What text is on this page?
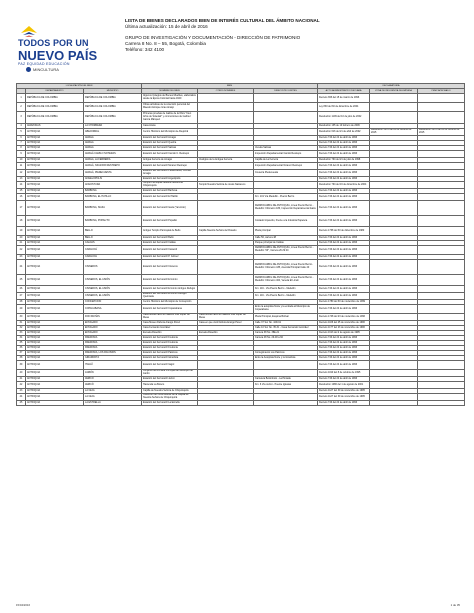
TODOS POR UN
NUEVO PAÍS
PAZ EQUIDAD EDUCACIÓN
MINCULTURA
LISTA DE BIENES DECLARADOS BIEN DE INTERÉS CULTURAL DEL ÁMBITO NACIONAL
Última actualización: 15 de abril de 2016
GRUPO DE INVESTIGACIÓN Y DOCUMENTACIÓN - DIRECCIÓN DE PATRIMONIO
Carrera 8 No. 8 – 55, Bogotá, Colombia
Teléfono: 342 4100
LOCALIZACIÓN DEL BIEN			BIEN			DECLARATORIA		
	DEPARTAMENTO	MUNICIPIO	NOMBRE DEL BIEN	OTROS NOMBRES	DIRECCIÓN / LÍMITES	ACTO ADMINISTRATIVO DECLARA	ZONA DE INFLUENCIA DELIMITADA	PEMP APROBADO
1	REPÚBLICA DE COLOMBIA	REPÚBLICA DE COLOMBIA	Algunos Colegios de Bienes Muebles, elaborados desde la Época Colonial hasta 1920			Decreto 395 del 15 de marzo de 1996		
2	REPÚBLICA DE COLOMBIA	REPÚBLICA DE COLOMBIA	Obras artísticas de la colección personal del Maestro Enrique Grau Araújo			Ley 830 del 30 de diciembre de 2004		
3	REPÚBLICA DE COLOMBIA	REPÚBLICA DE COLOMBIA	Primeras pruebas de Gaitrie de la Obra "Cien Años de Soledad" y conmociones de Gabriel García Márquez			Resolución 1109 del 10 de julio de 2002		
4	AMAZONAS	LA CHORRERA	Casa Arana			Resolución 135 de 10 febrero de 2006		
5	ANTIOQUIA	ABEJORRAL	Centro Histórico del Municipio de Abejorral			Resolución 616 del 21 de abril de 2002	Resolución 3078 del 22 de octubre de 2015	Resolución 3078 del 22 de octubre de 2015
6	ANTIOQUIA	AMAGÁ	Estación del Ferrocarril Amagá			Decreto 746 del 24 de abril de 1996		
7	ANTIOQUIA	AMAGÁ	Estación del Ferrocarril Quebra			Decreto 746 del 24 de abril de 1996		
8	ANTIOQUIA	AMAGÁ	Estación del Ferrocarril Salinas		Vereda Salinas	Decreto 746 del 24 de abril de 1996		
9	ANTIOQUIA	AMAGÁ CAMILO NOTERAS	Estación del Ferrocarril Camilo C. Restrepo		Inspección Departamental Camilo Restrepo	Decreto 746 del 24 de abril de 1996		
10	ANTIOQUIA	AMAGÁ, LA FERRERÍA	Antigua Ferrería de Amagá	Vestigios de la Antigua Ferrería	Capilla de La Ferrería	Resolución 794 del 21 de julio de 1998		
11	ANTIOQUIA	AMAGÁ, NICANOR RESTREPO	Estación del Ferrocarril Nicanor Restrepo		Inspección Departamental Nicanor Restrepo	Decreto 746 del 24 de abril de 1996		
12	ANTIOQUIA	AMAGÁ, PIEDECUESTA	Estación del Ferrocarril Piedecuesta, Corrala Amagá		Cresería Piedecuesta	Decreto 746 del 24 de abril de 1996		
13	ANTIOQUIA	ANGELÓPOLIS	Estación del Ferrocarril Angelópolis			Decreto 746 del 24 de abril de 1996		
14	ANTIOQUIA	ANGOSTURA	Templo Parroquial Nuestra Señora de Chiquinquirá	Templo Nuestra Señora de Jesús Nazareno		Resolución 794 del 16 de diciembre de 2004		
15	ANTIOQUIA	BARBOSA	Estación del Ferrocarril Barbosa			Decreto 746 del 24 de abril de 1996		
16	ANTIOQUIA	BARBOSA, EL HATILLO	Estación del Ferrocarril El Hatillo		Km. 101 Vía Medellín - Puerto Berrío	Decreto 746 del 24 de abril de 1996		
17	ANTIOQUIA	BARBOSA, ISAZA	Estación del Ferrocarril Isaza (Yarumito)		FERROCARRIL DE ANTIOQUIA, Línea Puerto Berrío - Medellín: Kilómetro 186, Inspección Departamental Isaza	Decreto 746 del 24 de abril de 1996		
18	ANTIOQUIA	BARBOSA, POPALITO	Estación del Ferrocarril Popalito		Costado Izquierdo, Frente a la Industria Papelera	Decreto 746 del 24 de abril de 1996		
19	ANTIOQUIA	BELLO	Antiguo Templo Parroquial de Bello	Capilla Nuestra Señora del Rosario	Plaza principal	Decreto 1768 del 30 de diciembre de 1980		
20	ANTIOQUIA	BELLO	Estación del Ferrocarril Bello		Calle 56, carrera 48	Decreto 746 del 24 de abril de 1996		
21	ANTIOQUIA	CALDAS	Estación del Ferrocarril Caldas		Parque principal de Caldas	Decreto 746 del 24 de abril de 1996		
22	ANTIOQUIA	CARACOLÍ	Estación del Ferrocarril Caracolí		FERROCARRIL DE ANTIOQUIA, Línea Puerto Berrío - Medellín: 56°, Carrera 26 29 00	Decreto 746 del 24 de abril de 1996		
23	ANTIOQUIA	CARACOLÍ	Estación del Ferrocarril P. Gómez			Decreto 746 del 24 de abril de 1996		
24	ANTIOQUIA	CISNEROS	Estación del Ferrocarril Cisneros		FERROCARRIL DE ANTIOQUIA, Línea Puerto Berrío-Medellín: Kilómetro 435, Avenida Principal Calle 40	Decreto 746 del 24 de abril de 1996		
25	ANTIOQUIA	CISNEROS, EL LIMÓN	Estación del Ferrocarril El Limón		FERROCARRIL DE ANTIOQUIA, Línea Puerto Berrío - Medellín: Kilómetro 464, Vereda El Limón	Decreto 746 del 24 de abril de 1996		
26	ANTIOQUIA	CISNEROS, EL LIMÓN	Estación del Ferrocarril El Limón Antiguo Refugio		Km. 116 - Vía Puerto Berrío - Medellín	Decreto 746 del 24 de abril de 1996		
27	ANTIOQUIA	CISNEROS, EL LIMÓN	Estación del Ferrocarril El Limón Refugio Quebrada		Km. 116 - Vía Puerto Berrío - Medellín	Decreto 746 del 24 de abril de 1996		
28	ANTIOQUIA	CONCEPCIÓN	Centro Histórico del Municipio de Concepción			Decreto 1780 del 30 de noviembre de 1999		
29	ANTIOQUIA	COPACABANA	Estación del Ferrocarril Copacabana		Entre la autopista Norte y la entrada al Municipio de Copacabana	Decreto 746 del 24 de abril de 1996		
30	ANTIOQUIA	DON MATÍAS	Casa donde nació el maestro Luis López de Mesa	Casa donde nació el maestro Luis López de Mesa	Plaza Principal, Esquina Bolívar	Decreto 1748 del 23 de noviembre de 1996		
31	ANTIOQUIA	ENVIGADO	Casa Museo Débora Arango Pérez	Casa en que vivió Débora Arango Pérez	Calle 37 Sur No. 44D-91	Decreto 1166 del 25 de noviembre de 1996		
32	ANTIOQUIA	ENVIGADO	Casa Fernando González		Calle 10 Sur No. 35-31 - Casa Fernando González	Decreto 1177 del 23 de noviembre de 1996		
33	ANTIOQUIA	ENVIGADO	Escuela Rosellón	Escuela Rosellón	Carrera 38 No. 38E-21	Decreto 1613 del 2 de agosto de 1995		
34	ANTIOQUIA	FREDONIA	Estación del Ferrocarril Fredonia		Carrera 48 No. 29-48 a 60	Decreto 746 del 24 de abril de 1996		
35	ANTIOQUIA	FREDONIA	Estación del Ferrocarril Fredonia			Decreto 746 del 24 de abril de 1996		
36	ANTIOQUIA	FREDONIA	Estación del Ferrocarril Fredonia			Decreto 746 del 24 de abril de 1996		
37	ANTIOQUIA	FREDONIA, LOS PALOMOS	Estación del Ferrocarril Palomos		Corregimiento Los Palomos	Decreto 746 del 24 de abril de 1996		
38	ANTIOQUIA	GIRARDOTA	Estación del Ferrocarril Girardota		Entre la Autopista Norte y la Girardota	Decreto 746 del 24 de abril de 1996		
39	ANTIOQUIA	ITAGÜÍ	Estación del Ferrocarril Itagüí			Decreto 746 del 24 de abril de 1996		
40	ANTIOQUIA	JARDÍN	Conjunto de la Plaza Principal del Municipio de Jardín			Decreto 1190 del 8 de octubre de 1995		
41	ANTIOQUIA	JERICÓ	Estación del Ferrocarril Jericó		Carretera Bolombolo - La Pintada	Decreto 746 del 24 de abril de 1996		
42	ANTIOQUIA	JERICÓ	Hacienda La Botero		Km. 6 Vía Jericó - Puente Iglesias	Resolución 1086 del 1 de agosto de 2001		
43	ANTIOQUIA	LA CEJA	Capilla de Nuestra Señora de Chiquinquirá			Decreto 1127 del 30 de noviembre de 1995		
44	ANTIOQUIA	LA CEJA	Colección de Obra Mueble de la Capilla de Nuestra Señora de Chiquinquirá			Decreto 1127 del 30 de noviembre de 1995		
45	ANTIOQUIA	LA ESTRELLA	Estación del Ferrocarril La Estrella			Decreto 746 del 24 de abril de 1996		
15/04/2016	1 de 35
